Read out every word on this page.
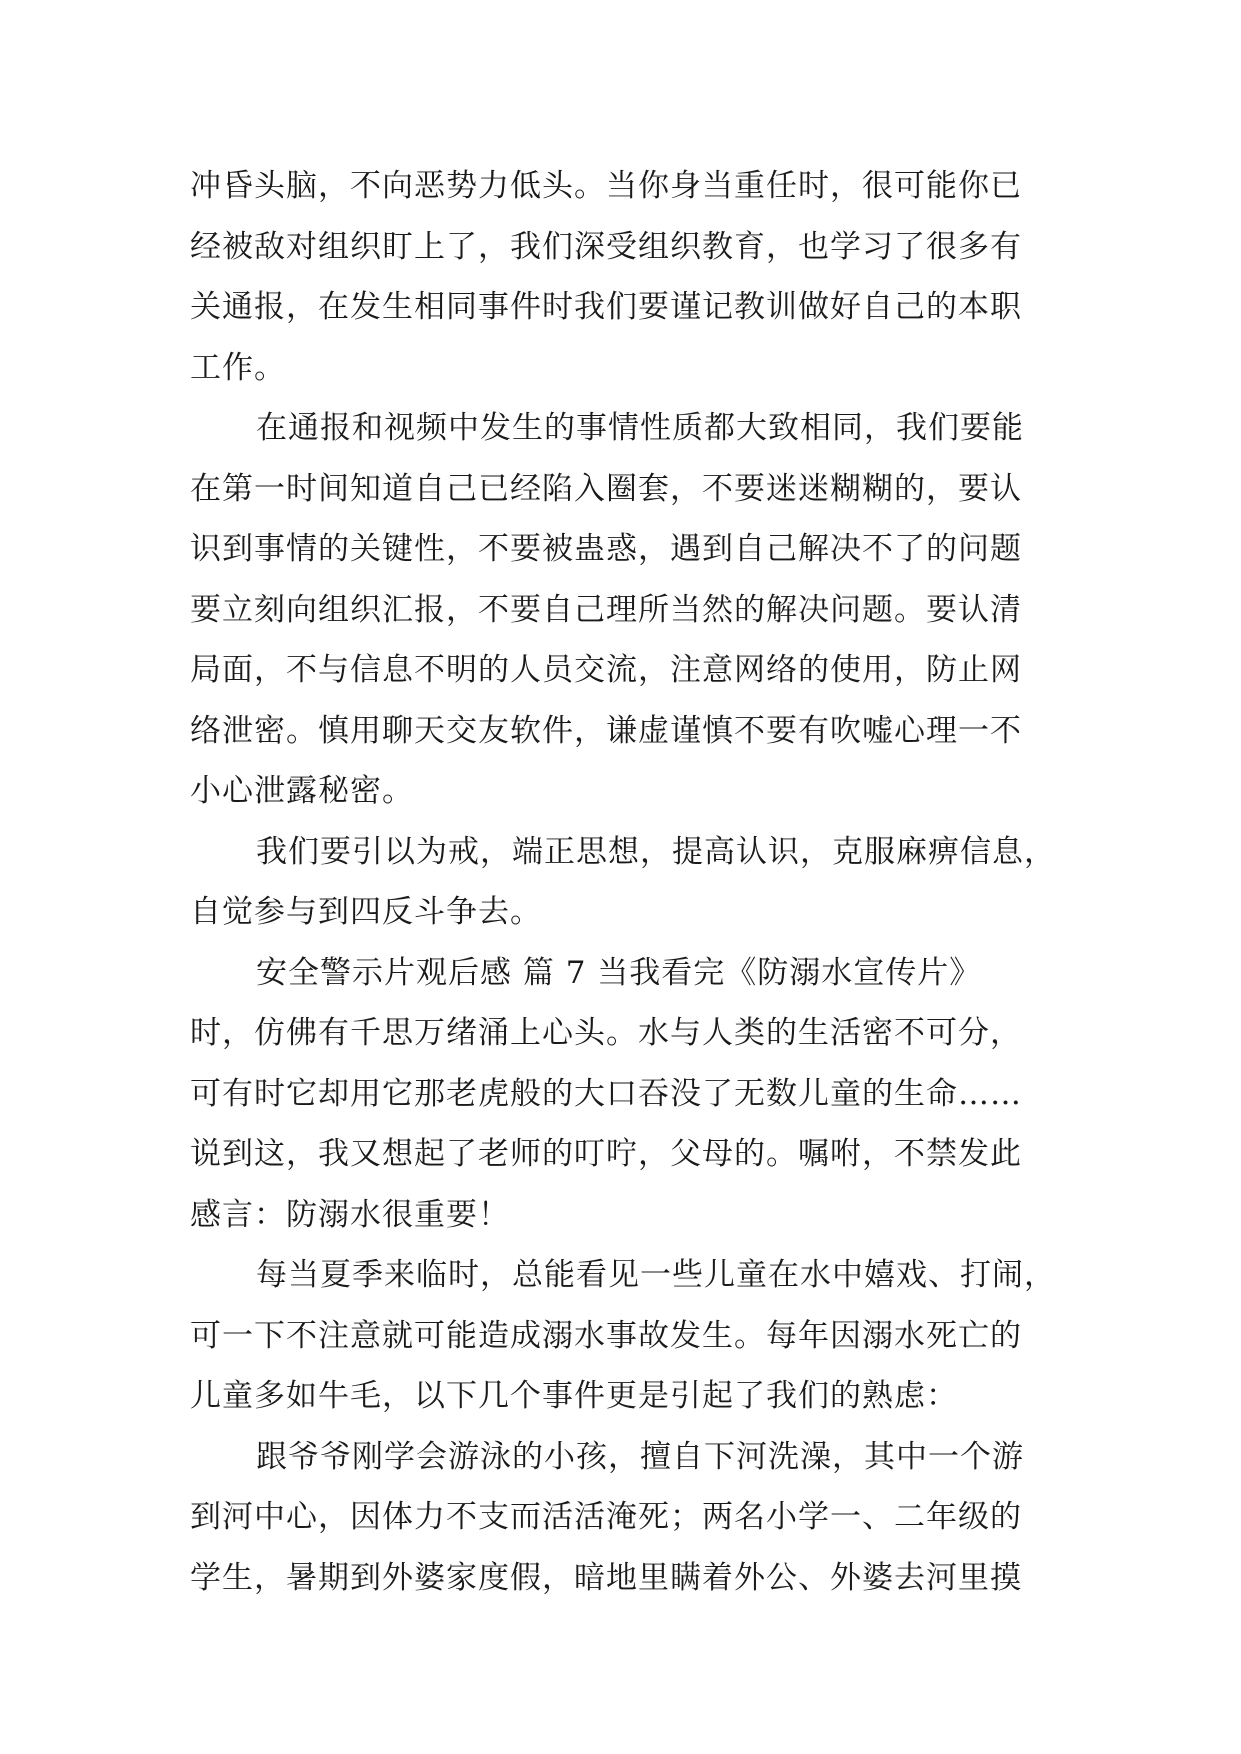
冲昏头脑，不向恶势力低头。当你身当重任时，很可能你已
经被敌对组织盯上了，我们深受组织教育，也学习了很多有
关通报，在发生相同事件时我们要谨记教训做好自己的本职
工作。
在通报和视频中发生的事情性质都大致相同，我们要能
在第一时间知道自己已经陷入圈套，不要迷迷糊糊的，要认
识到事情的关键性，不要被蛊惑，遇到自己解决不了的问题
要立刻向组织汇报，不要自己理所当然的解决问题。要认清
局面，不与信息不明的人员交流，注意网络的使用，防止网
络泄密。慎用聊天交友软件，谦虚谨慎不要有吹嘘心理一不
小心泄露秘密。
我们要引以为戒，端正思想，提高认识，克服麻痹信息，
自觉参与到四反斗争去。
安全警示片观后感 篇 7 当我看完《防溺水宣传片》
时，仿佛有千思万绪涌上心头。水与人类的生活密不可分，
可有时它却用它那老虎般的大口吞没了无数儿童的生命……
说到这，我又想起了老师的叮咛，父母的。嘱咐，不禁发此
感言：防溺水很重要！
每当夏季来临时，总能看见一些儿童在水中嬉戏、打闹，
可一下不注意就可能造成溺水事故发生。每年因溺水死亡的
儿童多如牛毛，以下几个事件更是引起了我们的熟虑：
跟爷爷刚学会游泳的小孩，擅自下河洗澡，其中一个游
到河中心，因体力不支而活活淹死；两名小学一、二年级的
学生，暑期到外婆家度假，暗地里瞒着外公、外婆去河里摸
